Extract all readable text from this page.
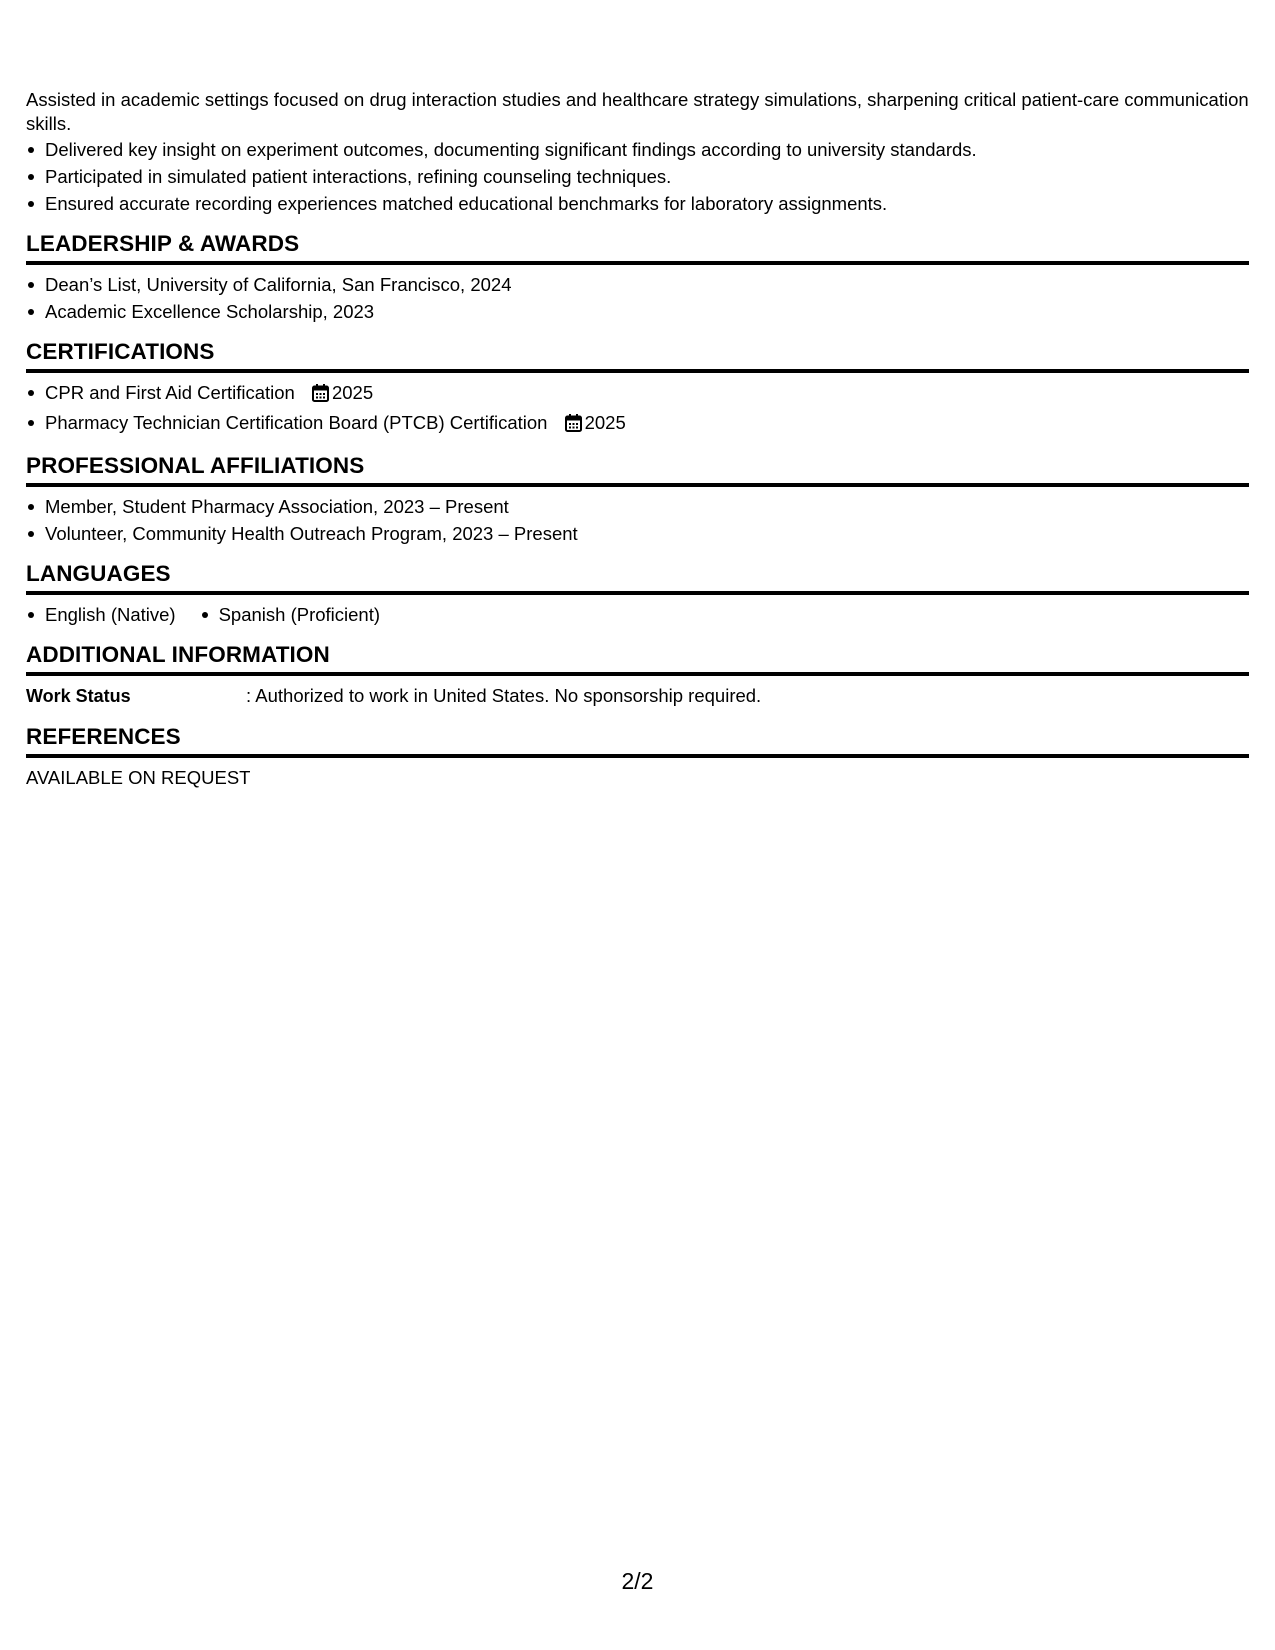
Assisted in academic settings focused on drug interaction studies and healthcare strategy simulations, sharpening critical patient-care communication skills.

Delivered key insight on experiment outcomes, documenting significant findings according to university standards.
Participated in simulated patient interactions, refining counseling techniques.
Ensured accurate recording experiences matched educational benchmarks for laboratory assignments.
LEADERSHIP & AWARDS
Dean’s List, University of California, San Francisco, 2024
Academic Excellence Scholarship, 2023
CERTIFICATIONS
CPR and First Aid Certification 2025
Pharmacy Technician Certification Board (PTCB) Certification 2025
PROFESSIONAL AFFILIATIONS
Member, Student Pharmacy Association, 2023 – Present
Volunteer, Community Health Outreach Program, 2023 – Present
LANGUAGES
English (Native)	Spanish (Proficient)
ADDITIONAL INFORMATION
Work Status	: Authorized to work in United States. No sponsorship required.
REFERENCES
AVAILABLE ON REQUEST
2/2
